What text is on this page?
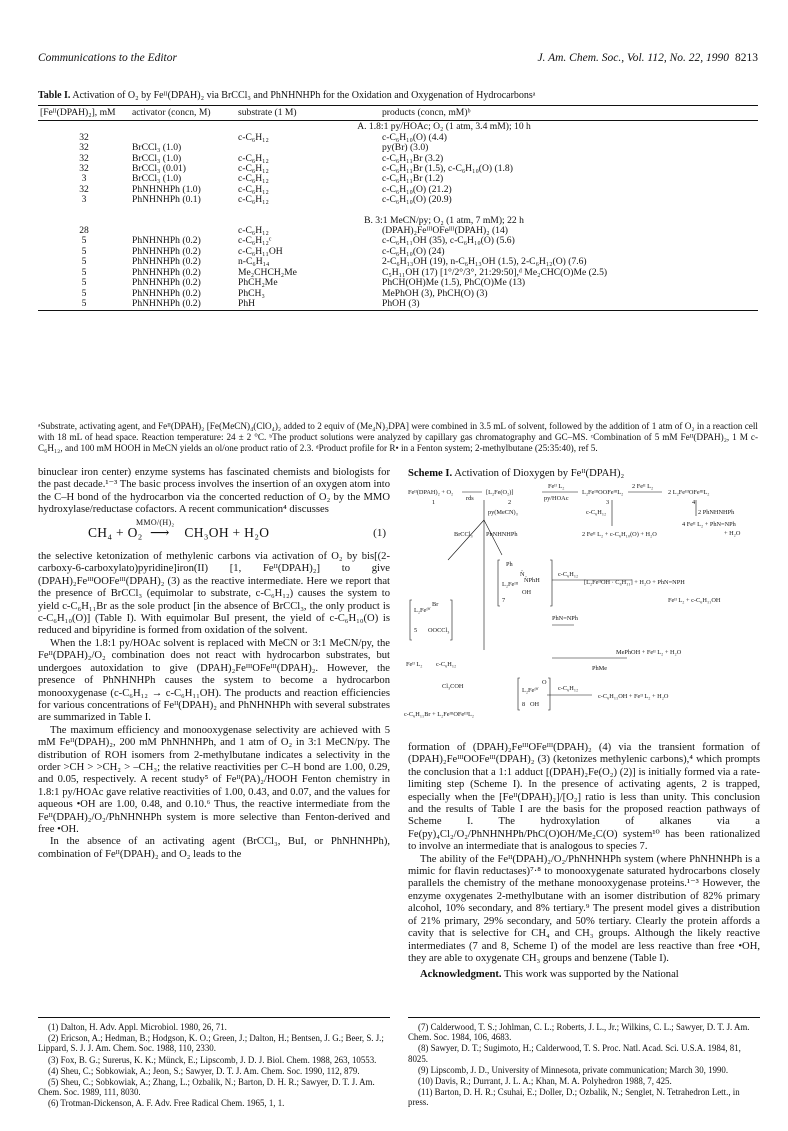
Communications to the Editor	J. Am. Chem. Soc., Vol. 112, No. 22, 1990 8213
Table I. Activation of O₂ by Feᴵᴵ(DPAH)₂ via BrCCl₃ and PhNHNHPh for the Oxidation and Oxygenation of Hydrocarbonsᵃ
[Feᴵᴵ(DPAH)₂], mM	activator (concn, M)	substrate (1 M)	products (concn, mM)ᵇ
	A. 1.8:1 py/HOAc; O₂ (1 atm, 3.4 mM); 10 h		
32		c-C₆H₁₂	c-C₆H₁₀(O) (4.4)
32	BrCCl₃ (1.0)		py(Br) (3.0)
32	BrCCl₃ (1.0)	c-C₆H₁₂	c-C₆H₁₁Br (3.2)
32	BrCCl₃ (0.01)	c-C₆H₁₂	c-C₆H₁₁Br (1.5), c-C₆H₁₀(O) (1.8)
3	BrCCl₃ (1.0)	c-C₆H₁₂	c-C₆H₁₁Br (1.2)
32	PhNHNHPh (1.0)	c-C₆H₁₂	c-C₆H₁₀(O) (21.2)
3	PhNHNHPh (0.1)	c-C₆H₁₂	c-C₆H₁₀(O) (20.9)

	B. 3:1 MeCN/py; O₂ (1 atm, 7 mM); 22 h		
28		c-C₆H₁₂	(DPAH)₂FeᴵᴵᴵOFeᴵᴵᴵ(DPAH)₂ (14)
5	PhNHNHPh (0.2)	c-C₆H₁₂ᶜ	c-C₆H₁₁OH (35), c-C₆H₁₀(O) (5.6)
5	PhNHNHPh (0.2)	c-C₆H₁₁OH	c-C₆H₁₀(O) (24)
5	PhNHNHPh (0.2)	n-C₆H₁₄	2-C₆H₁₃OH (19), n-C₆H₁₃OH (1.5), 2-C₆H₁₂(O) (7.6)
5	PhNHNHPh (0.2)	Me₂CHCH₂Me	C₅H₁₁OH (17) [1°/2°/3°, 21:29:50],ᵈ Me₂CHC(O)Me (2.5)
5	PhNHNHPh (0.2)	PhCH₂Me	PhCH(OH)Me (1.5), PhC(O)Me (13)
5	PhNHNHPh (0.2)	PhCH₃	MePhOH (3), PhCH(O) (3)
5	PhNHNHPh (0.2)	PhH	PhOH (3)
ᵃSubstrate, activating agent, and Feᴵᴵ(DPAH)₂ [Fe(MeCN)₄(ClO₄)₂ added to 2 equiv of (Me₄N)₂DPA] were combined in 3.5 mL of solvent, followed by the addition of 1 atm of O₂ in a reaction cell with 18 mL of head space. Reaction temperature: 24 ± 2 °C. ᵇThe product solutions were analyzed by capillary gas chromatography and GC–MS. ᶜCombination of 5 mM Feᴵᴵ(DPAH)₂, 1 M c-C₆H₁₂, and 100 mM HOOH in MeCN yields an ol/one product ratio of 2.3. ᵈProduct profile for R• in a Fenton system; 2-methylbutane (25:35:40), ref 5.

binuclear iron center) enzyme systems has fascinated chemists and biologists for the past decade.¹⁻³ The basic process involves the insertion of an oxygen atom into the C–H bond of the hydrocarbon via the concerted reduction of O₂ by the MMO hydroxylase/reductase cofactors. A recent communication⁴ discusses

CH₄ + O₂
MMO/(H)₂
⟶    CH₃OH + H₂O	(1)

the selective ketonization of methylenic carbons via activation of O₂ by bis[(2-carboxy-6-carboxylato)pyridine]iron(II) [1, Feᴵᴵ(DPAH)₂] to give (DPAH)₂FeᴵᴵᴵOOFeᴵᴵᴵ(DPAH)₂ (3) as the reactive intermediate. Here we report that the presence of BrCCl₃ (equimolar to substrate, c-C₆H₁₂) causes the system to yield c-C₆H₁₁Br as the sole product [in the absence of BrCCl₃, the only product is c-C₆H₁₀(O)] (Table I). With equimolar BuI present, the yield of c-C₆H₁₀(O) is reduced and bipyridine is formed from oxidation of the solvent.

When the 1.8:1 py/HOAc solvent is replaced with MeCN or 3:1 MeCN/py, the Feᴵᴵ(DPAH)₂/O₂ combination does not react with hydrocarbon substrates, but undergoes autoxidation to give (DPAH)₂FeᴵᴵᴵOFeᴵᴵᴵ(DPAH)₂. However, the presence of PhNHNHPh causes the system to become a hydrocarbon monooxygenase (c-C₆H₁₂ → c-C₆H₁₁OH). The products and reaction efficiencies for various concentrations of Feᴵᴵ(DPAH)₂ and PhNHNHPh with several substrates are summarized in Table I.

The maximum efficiency and monooxygenase selectivity are achieved with 5 mM Feᴵᴵ(DPAH)₂, 200 mM PhNHNHPh, and 1 atm of O₂ in 3:1 MeCN/py. The distribution of ROH isomers from 2-methylbutane indicates a selectivity in the order >CH > >CH₂ > –CH₃; the relative reactivities per C–H bond are 1.00, 0.29, and 0.05, respectively. A recent study⁵ of Feᴵᴵ(PA)₂/HOOH Fenton chemistry in 1.8:1 py/HOAc gave relative reactivities of 1.00, 0.43, and 0.07, and the values for aqueous •OH are 1.00, 0.48, and 0.10.⁶ Thus, the reactive intermediate from the Feᴵᴵ(DPAH)₂/O₂/PhNHNHPh system is more selective than Fenton-derived and free •OH.

In the absence of an activating agent (BrCCl₃, BuI, or PhNHNHPh), combination of Feᴵᴵ(DPAH)₂ and O₂ leads to the

Scheme I. Activation of Dioxygen by Feᴵᴵ(DPAH)₂
Feᴵᴵ(DPAH)₂ + O₂
1
rds
[L₂Fe(O₂)]
2
Feᴵᴵ L₂
py/HOAc
L₂FeᴵᴵᴵOOFeᴵᴵᴵL₂
3
2 Feᴵᴵ L₂
2 L₂FeᴵᴵᴵOFeᴵᴵᴵL₂
4
py(MeCN)₃	c-C₆H₁₂	2 PhNHNHPh
2 Feᴵᴵ L₂ + c-C₆H₁₀(O) + H₂O
4 Feᴵᴵ L₂ + PhN=NPh
+ H₂O
BrCCl₃ PhNHNHPh
Ph
N̈
L₂Feᴵᴵᴵ
N̈PhH
OH
7
c-C₆H₁₂
[L₂FeᴵᴵOH · C₆H₁₁] + H₂O + PhN=NPH
Feᴵᴵ L₂ + c-C₆H₁₁OH
L₂Feᴵⱽ
Br
OOCCl₃
5
PhN=NPh
MePhOH + Feᴵᴵ L₂ + H₂O
PhMe
Feᴵᴵ L₂ c-C₆H₁₂
Cl₃COH
c-C₆H₁₁Br + L₂FeᴵᴵᴵOFeᴵᴵᴵL₂
L₂Feᴵⱽ
O
OH
8
c-C₆H₁₂
c-C₆H₁₁OH + Feᴵᴵ L₂ + H₂O

formation of (DPAH)₂FeᴵᴵᴵOFeᴵᴵᴵ(DPAH)₂ (4) via the transient formation of (DPAH)₂FeᴵᴵᴵOOFeᴵᴵᴵ(DPAH)₂ (3) (ketonizes methylenic carbons),⁴ which prompts the conclusion that a 1:1 adduct [(DPAH)₂Fe(O₂) (2)] is initially formed via a rate-limiting step (Scheme I). In the presence of activating agents, 2 is trapped, especially when the [Feᴵᴵ(DPAH)₂]/[O₂] ratio is less than unity. This conclusion and the results of Table I are the basis for the proposed reaction pathways of Scheme I. The hydroxylation of alkanes via a Fe(py)₄Cl₂/O₂/PhNHNHPh/PhC(O)OH/Me₂C(O) system¹⁰ has been rationalized to involve an intermediate that is analogous to species 7.

The ability of the Feᴵᴵ(DPAH)₂/O₂/PhNHNHPh system (where PhNHNHPh is a mimic for flavin reductases)⁷·⁸ to monooxygenate saturated hydrocarbons closely parallels the chemistry of the methane monooxygenase proteins.¹⁻³ However, the enzyme oxygenates 2-methylbutane with an isomer distribution of 82% primary alcohol, 10% secondary, and 8% tertiary.⁹ The present model gives a distribution of 21% primary, 29% secondary, and 50% tertiary. Clearly the protein affords a cavity that is selective for CH₄ and CH₃ groups. Although the likely reactive intermediates (7 and 8, Scheme I) of the model are less reactive than free •OH, they are able to oxygenate CH₃ groups and benzene (Table I).

Acknowledgment. This work was supported by the National

(1) Dalton, H. Adv. Appl. Microbiol. 1980, 26, 71.
(2) Ericson, A.; Hedman, B.; Hodgson, K. O.; Green, J.; Dalton, H.; Bentsen, J. G.; Beer, S. J.; Lippard, S. J. J. Am. Chem. Soc. 1988, 110, 2330.
(3) Fox, B. G.; Surerus, K. K.; Münck, E.; Lipscomb, J. D. J. Biol. Chem. 1988, 263, 10553.
(4) Sheu, C.; Sobkowiak, A.; Jeon, S.; Sawyer, D. T. J. Am. Chem. Soc. 1990, 112, 879.
(5) Sheu, C.; Sobkowiak, A.; Zhang, L.; Ozbalik, N.; Barton, D. H. R.; Sawyer, D. T. J. Am. Chem. Soc. 1989, 111, 8030.
(6) Trotman-Dickenson, A. F. Adv. Free Radical Chem. 1965, 1, 1.
(7) Calderwood, T. S.; Johlman, C. L.; Roberts, J. L., Jr.; Wilkins, C. L.; Sawyer, D. T. J. Am. Chem. Soc. 1984, 106, 4683.
(8) Sawyer, D. T.; Sugimoto, H.; Calderwood, T. S. Proc. Natl. Acad. Sci. U.S.A. 1984, 81, 8025.
(9) Lipscomb, J. D., University of Minnesota, private communication; March 30, 1990.
(10) Davis, R.; Durrant, J. L. A.; Khan, M. A. Polyhedron 1988, 7, 425.
(11) Barton, D. H. R.; Csuhai, E.; Doller, D.; Ozbalik, N.; Senglet, N. Tetrahedron Lett., in press.
